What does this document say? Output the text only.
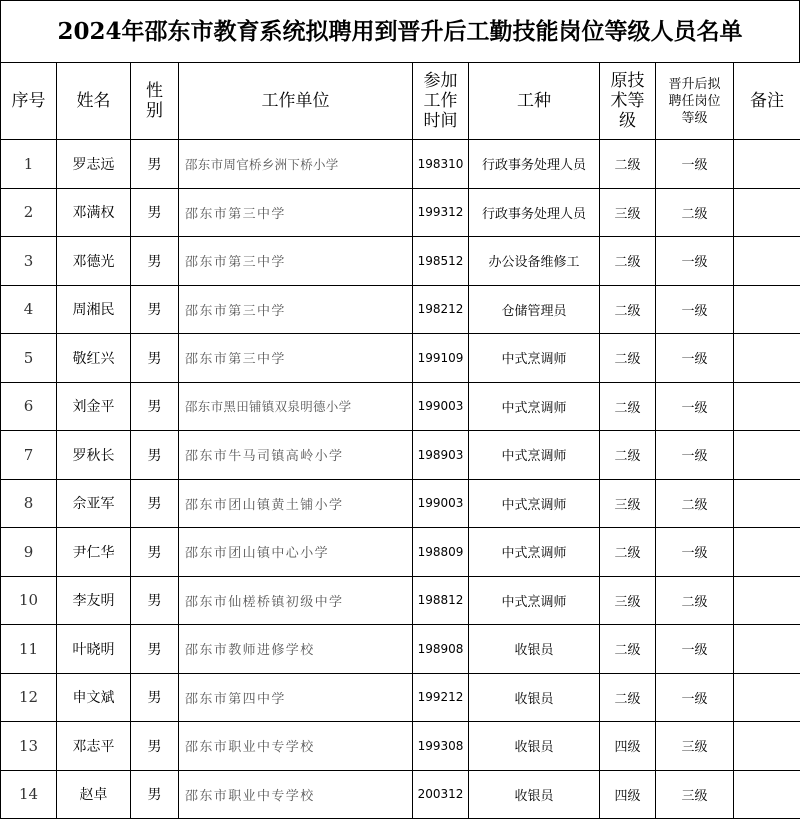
2024年邵东市教育系统拟聘用到晋升后工勤技能岗位等级人员名单
序号	姓名	性别	工作单位	参加工作时间	工种	原技术等级	晋升后拟聘任岗位等级	备注
1	罗志远	男	邵东市周官桥乡洲下桥小学	198310	行政事务处理人员	二级	一级	
2	邓满权	男	邵东市第三中学	199312	行政事务处理人员	三级	二级	
3	邓德光	男	邵东市第三中学	198512	办公设备维修工	二级	一级	
4	周湘民	男	邵东市第三中学	198212	仓储管理员	二级	一级	
5	敬红兴	男	邵东市第三中学	199109	中式烹调师	二级	一级	
6	刘金平	男	邵东市黑田铺镇双泉明德小学	199003	中式烹调师	二级	一级	
7	罗秋长	男	邵东市牛马司镇高岭小学	198903	中式烹调师	二级	一级	
8	佘亚军	男	邵东市团山镇黄土铺小学	199003	中式烹调师	三级	二级	
9	尹仁华	男	邵东市团山镇中心小学	198809	中式烹调师	二级	一级	
10	李友明	男	邵东市仙槎桥镇初级中学	198812	中式烹调师	三级	二级	
11	叶晓明	男	邵东市教师进修学校	198908	收银员	二级	一级	
12	申文斌	男	邵东市第四中学	199212	收银员	二级	一级	
13	邓志平	男	邵东市职业中专学校	199308	收银员	四级	三级	
14	赵卓	男	邵东市职业中专学校	200312	收银员	四级	三级	
